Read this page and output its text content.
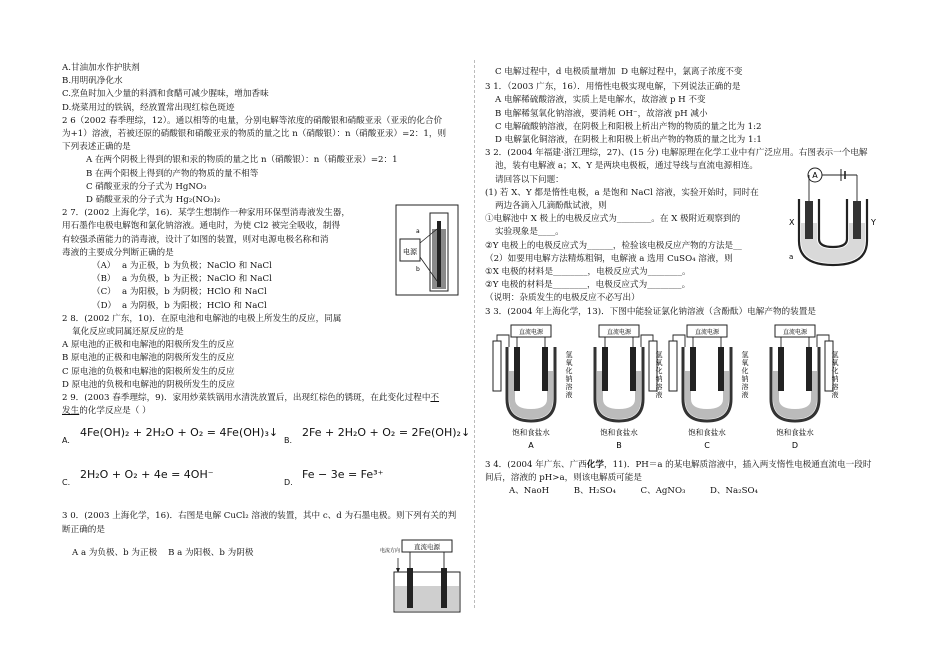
A.甘油加水作护肤剂

B.用明矾净化水

C.烹鱼时加入少量的料酒和食醋可减少腥味，增加香味

D.烧菜用过的铁锅，经放置常出现红棕色斑迹

2 6（2002 春季理综，12）。通以相等的电量，分别电解等浓度的硝酸银和硝酸亚汞（亚汞的化合价

为+1）溶液，若被还原的硝酸银和硝酸亚汞的物质的量之比 n（硝酸银）：n（硝酸亚汞）=2：1，则

下列表述正确的是

A 在两个阴极上得到的银和汞的物质的量之比 n（硝酸银）：n（硝酸亚汞）=2：1

B 在两个阳极上得到的产物的物质的量不相等

C 硝酸亚汞的分子式为 HgNO₃

D 硝酸亚汞的分子式为 Hg₂(NO₃)₂

2 7．(2002 上海化学，16)．某学生想制作一种家用环保型消毒液发生器，

用石墨作电极电解饱和氯化钠溶液。通电时，为使 Cl2 被完全吸收，制得

有较强杀菌能力的消毒液，设计了如图的装置，则对电源电极名称和消

毒液的主要成分判断正确的是

（A） a 为正极，b 为负极；NaClO 和 NaCl
（B） a 为负极，b 为正极；NaClO 和 NaCl
（C） a 为阳极，b 为阴极；HClO 和 NaCl
（D） a 为阴极，b 为阳极；HClO 和 NaCl
电源
a
b

2 8．(2002 广东，10)．在原电池和电解池的电极上所发生的反应，同属

氧化反应或同属还原反应的是

A 原电池的正极和电解池的阳极所发生的反应

B 原电池的正极和电解池的阴极所发生的反应

C 原电池的负极和电解池的阳极所发生的反应

D 原电池的负极和电解池的阴极所发生的反应

2 9．(2003 春季理综，9)．家用炒菜铁锅用水清洗放置后，出现红棕色的锈斑，在此变化过程中不

发生的化学反应是（ ）

A.
4Fe(OH)₂ + 2H₂O + O₂ = 4Fe(OH)₃↓
B.
2Fe + 2H₂O + O₂ = 2Fe(OH)₂↓
C.
2H₂O + O₂ + 4e = 4OH⁻
D.
Fe − 3e = Fe³⁺

3 0．(2003 上海化学，16)．右图是电解 CuCl₂ 溶液的装置，其中 c、d 为石墨电极。则下列有关的判

断正确的是

A a 为负极、b 为正极 B a 为阳极、b 为阴极

直流电源
电流方向

C 电解过程中，d 电极质量增加 D 电解过程中，氯离子浓度不变

3 1．（2003 广东，16）．用惰性电极实现电解，下列说法正确的是

A 电解稀硫酸溶液，实质上是电解水，故溶液 p H 不变

B 电解稀氢氧化钠溶液，要消耗 OH⁻，故溶液 pH 减小

C 电解硫酸钠溶液，在阴极上和阳极上析出产物的物质的量之比为 1:2

D 电解氯化铜溶液，在阴极上和阳极上析出产物的物质的量之比为 1:1

3 2．(2004 年福建·浙江理综，27)、(15 分) 电解原理在化学工业中有广泛应用。右图表示一个电解

池，装有电解液 a；X、Y 是两块电极板，通过导线与直流电源相连。

请回答以下问题：

(1) 若 X、Y 都是惰性电极，a 是饱和 NaCl 溶液，实验开始时，同时在

两边各滴入几滴酚酞试液，则

①电解池中 X 极上的电极反应式为________。在 X 极附近观察到的

实验现象是____。

②Y 电极上的电极反应式为______，检验该电极反应产物的方法是__

（2）如要用电解方法精炼粗铜，电解液 a 选用 CuSO₄ 溶液，则

①X 电极的材料是________，电极反应式为________。

②Y 电极的材料是________，电极反应式为________。

（说明：杂质发生的电极反应不必写出）

A
X	Y
a

3 3．(2004 年上海化学，13)．下图中能验证氯化钠溶液（含酚酞）电解产物的装置是

直流电源
氢
氧
化
钠
溶
液
饱和食盐水
A
直流电源
氢
氧
化
钠
溶
液
饱和食盐水
B
直流电源
氢
氧
化
钠
溶
液
饱和食盐水
C
直流电源
氢
氧
化
钠
溶
液
饱和食盐水
D

3 4．(2004 年广东、广西化学，11)．PH＝a 的某电解质溶液中，插入两支惰性电极通直流电一段时

间后，溶液的 pH>a，则该电解质可能是

A、NaoH	B、H₂SO₄	C、AgNO₃	D、Na₂SO₄
